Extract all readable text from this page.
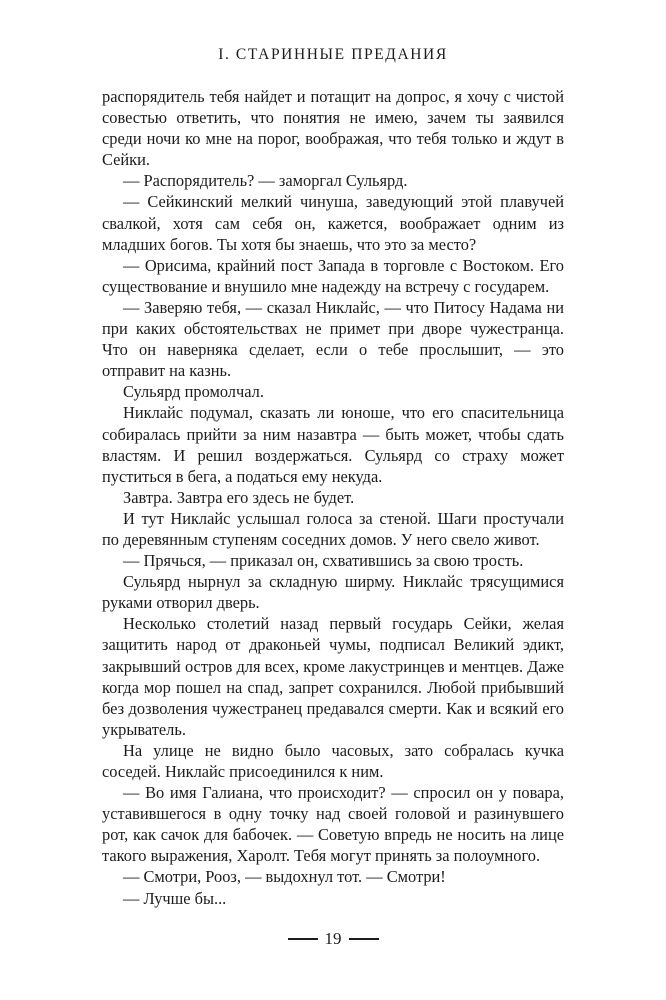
I. СТАРИННЫЕ ПРЕДАНИЯ

распорядитель тебя найдет и потащит на допрос, я хочу с чистой совестью ответить, что понятия не имею, зачем ты заявился среди ночи ко мне на порог, воображая, что тебя только и ждут в Сейки.

— Распорядитель? — заморгал Сульярд.

— Сейкинский мелкий чинуша, заведующий этой плавучей свалкой, хотя сам себя он, кажется, воображает одним из младших богов. Ты хотя бы знаешь, что это за место?

— Орисима, крайний пост Запада в торговле с Востоком. Его существование и внушило мне надежду на встречу с государем.

— Заверяю тебя, — сказал Никлайс, — что Питосу Надама ни при каких обстоятельствах не примет при дворе чужестранца. Что он наверняка сделает, если о тебе прослышит, — это отправит на казнь.

Сульярд промолчал.

Никлайс подумал, сказать ли юноше, что его спасительница собиралась прийти за ним назавтра — быть может, чтобы сдать властям. И решил воздержаться. Сульярд со страху может пуститься в бега, а податься ему некуда.

Завтра. Завтра его здесь не будет.

И тут Никлайс услышал голоса за стеной. Шаги простучали по деревянным ступеням соседних домов. У него свело живот.

— Прячься, — приказал он, схватившись за свою трость.

Сульярд нырнул за складную ширму. Никлайс трясущимися руками отворил дверь.

Несколько столетий назад первый государь Сейки, желая защитить народ от драконьей чумы, подписал Великий эдикт, закрывший остров для всех, кроме лакустринцев и ментцев. Даже когда мор пошел на спад, запрет сохранился. Любой прибывший без дозволения чужестранец предавался смерти. Как и всякий его укрыватель.

На улице не видно было часовых, зато собралась кучка соседей. Никлайс присоединился к ним.

— Во имя Галиана, что происходит? — спросил он у повара, уставившегося в одну точку над своей головой и разинувшего рот, как сачок для бабочек. — Советую впредь не носить на лице такого выражения, Харолт. Тебя могут принять за полоумного.

— Смотри, Рооз, — выдохнул тот. — Смотри!

— Лучше бы...

19
